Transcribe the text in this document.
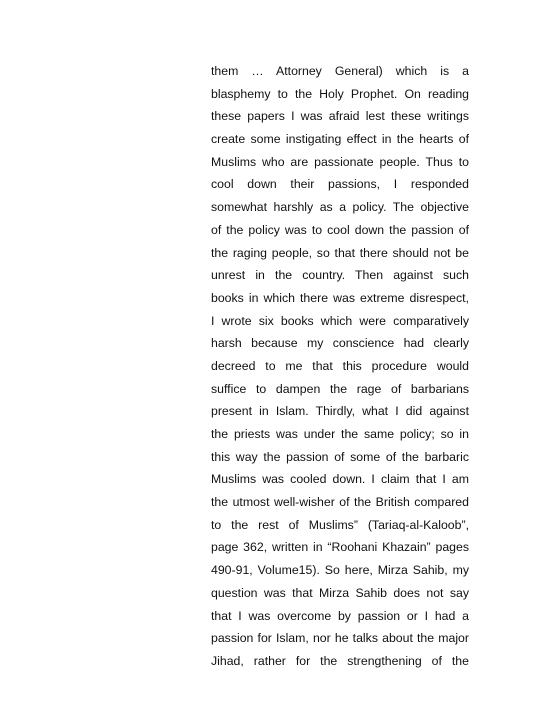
them … Attorney General) which is a
blasphemy to the Holy Prophet. On reading
these papers I was afraid lest these writings
create some instigating effect in the hearts of
Muslims who are passionate people. Thus to
cool down their passions, I responded
somewhat harshly as a policy. The objective
of the policy was to cool down the passion of
the raging people, so that there should not be
unrest in the country. Then against such
books in which there was extreme disrespect,
I wrote six books which were comparatively
harsh because my conscience had clearly
decreed to me that this procedure would
suffice to dampen the rage of barbarians
present in Islam. Thirdly, what I did against
the priests was under the same policy; so in
this way the passion of some of the barbaric
Muslims was cooled down. I claim that I am
the utmost well-wisher of the British compared
to the rest of Muslims” (Tariaq-al-Kaloob”,
page 362, written in “Roohani Khazain” pages
490-91, Volume15). So here, Mirza Sahib, my
question was that Mirza Sahib does not say
that I was overcome by passion or I had a
passion for Islam, nor he talks about the major
Jihad, rather for the strengthening of the
